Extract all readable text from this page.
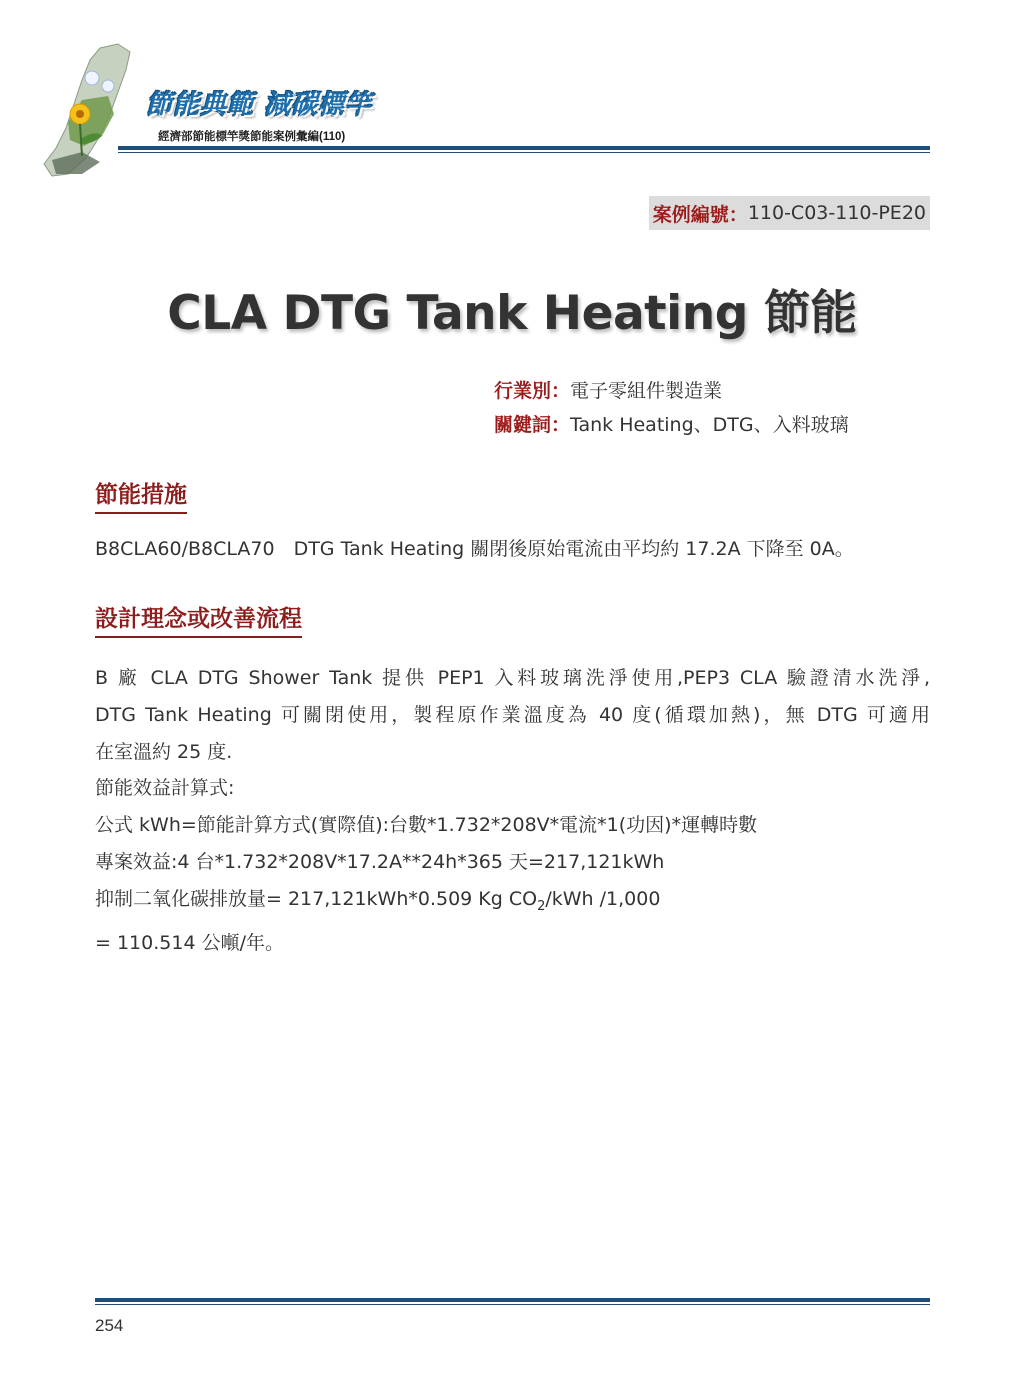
節能典範 減碳標竿
經濟部節能標竿獎節能案例彙編(110)
案例編號： 110-C03-110-PE20
CLA DTG Tank Heating 節能
行業別：電子零組件製造業
關鍵詞：Tank Heating、DTG、入料玻璃
節能措施
B8CLA60/B8CLA70　DTG Tank Heating 關閉後原始電流由平均約 17.2A 下降至 0A。
設計理念或改善流程
B 廠 CLA DTG Shower Tank 提供 PEP1 入料玻璃洗淨使用,PEP3 CLA 驗證清水洗淨,
DTG Tank Heating 可關閉使用，製程原作業溫度為 40 度(循環加熱)，無 DTG 可適用
在室溫約 25 度.
節能效益計算式:
公式 kWh=節能計算方式(實際值):台數*1.732*208V*電流*1(功因)*運轉時數
專案效益:4 台*1.732*208V*17.2A**24h*365 天=217,121kWh
抑制二氧化碳排放量= 217,121kWh*0.509 Kg $CO_2$/kWh /1,000
= 110.514 公噸/年。
254
